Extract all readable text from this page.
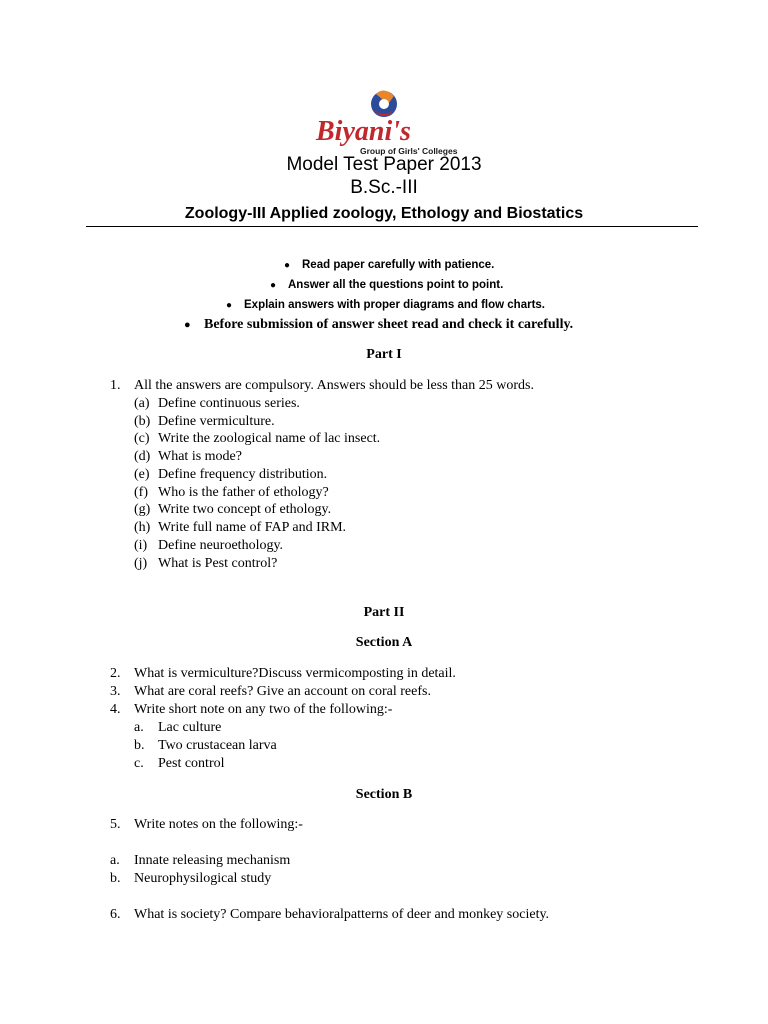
Biyani's
Group of Girls' Colleges
Model Test Paper 2013
B.Sc.-III
Zoology-III Applied zoology, Ethology and Biostatics
● Read paper carefully with patience.
● Answer all the questions point to point.
● Explain answers with proper diagrams and flow charts.
● Before submission of answer sheet read and check it carefully.
Part I
1. All the answers are compulsory. Answers should be less than 25 words.
(a) Define continuous series.
(b) Define vermiculture.
(c) Write the zoological name of lac insect.
(d) What is mode?
(e) Define frequency distribution.
(f) Who is the father of ethology?
(g) Write two concept of ethology.
(h) Write full name of FAP and IRM.
(i) Define neuroethology.
(j) What is Pest control?
Part II
Section A
2. What is vermiculture?Discuss vermicomposting in detail.
3. What are coral reefs? Give an account on coral reefs.
4. Write short note on any two of the following:-
a. Lac culture
b. Two crustacean larva
c. Pest control
Section B
5. Write notes on the following:-
a. Innate releasing mechanism
b. Neurophysilogical study
6. What is society? Compare behavioralpatterns of deer and monkey society.
